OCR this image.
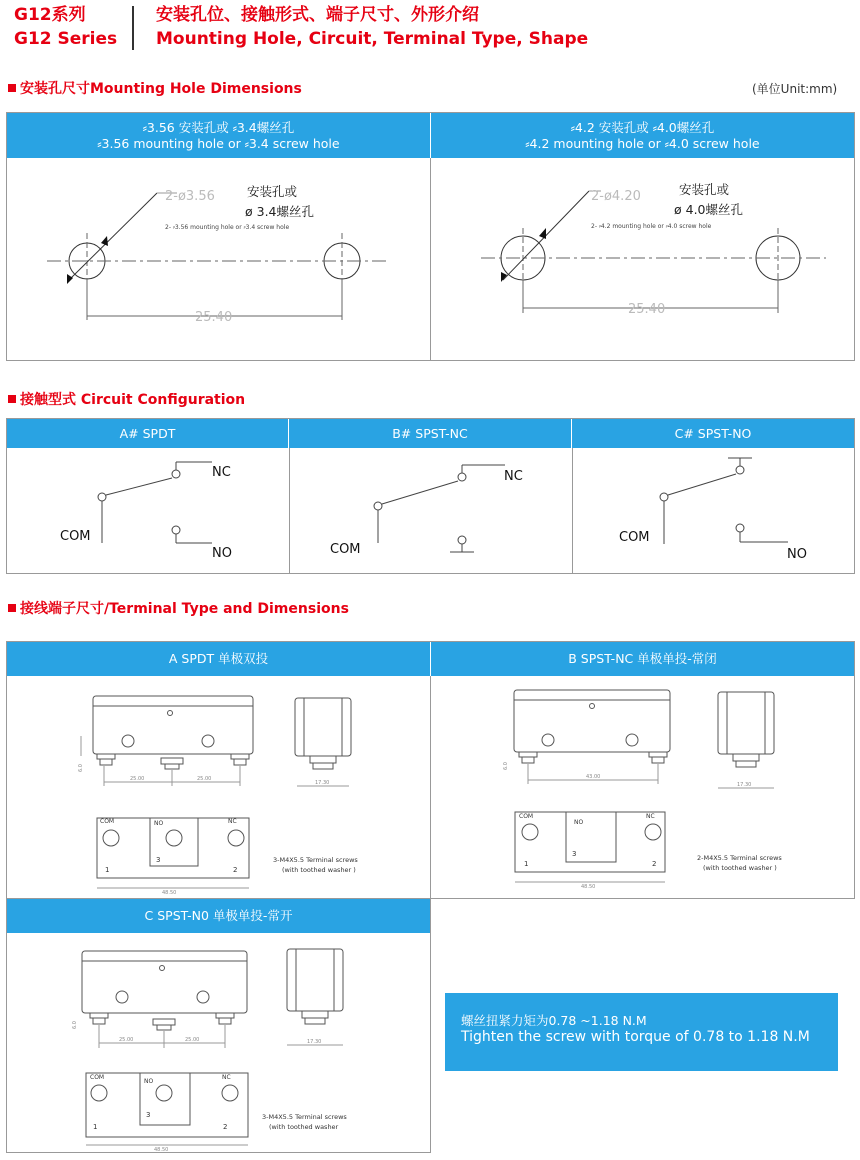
G12系列
G12 Series
安装孔位、接触形式、端子尺寸、外形介绍
Mounting Hole, Circuit, Terminal Type, Shape
安装孔尺寸Mounting Hole Dimensions	(单位Unit:mm)
⸗3.56 安装孔或 ⸗3.4螺丝孔
⸗3.56 mounting hole or ⸗3.4 screw hole
⸗4.2 安装孔或 ⸗4.0螺丝孔
⸗4.2 mounting hole or ⸗4.0 screw hole
2-ø3.56	安装孔或
ø 3.4螺丝孔
2- ⸗3.56 mounting hole or ⸗3.4 screw hole
25.40
2-ø4.20	安装孔或
ø 4.0螺丝孔
2- ⸗4.2 mounting hole or ⸗4.0 screw hole
25.40
接触型式 Circuit Configuration
A# SPDT	B# SPST-NC	C# SPST-NO
NC
COM
NO
NC
COM
COM
NO
接线端子尺寸/Terminal Type and Dimensions
A SPDT 单极双投	B SPST-NC 单极单投-常闭
6.0
25.00	25.00
17.30
48.50
COM	NO	NC
1
3
2
3-M4X5.5 Terminal screws
(with toothed washer )
6.0
43.00
17.30
48.50
COM
NO
NC
1
3
2
2-M4X5.5 Terminal screws
(with toothed washer )
C SPST-N0 单极单投-常开
6.0
25.00	25.00	17.30
48.50
COM
NO
NC
1
3
2
3-M4X5.5 Terminal screws
(with toothed washer
螺丝扭紧力矩为0.78 ~1.18 N.M
Tighten the screw with torque of 0.78 to 1.18 N.M
